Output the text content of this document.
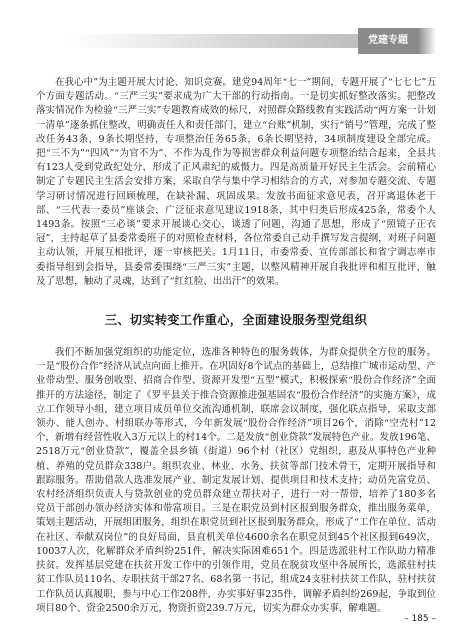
党建专题

在我心中”为主题开展大讨论、知识竞赛。建党94周年“七一”期间，专题开展了“七七七”五个方面专题活动。“三严三实”要求成为广大干部的行动指南。一是切实抓好整改落实。把整改落实情况作为检验“三严三实”专题教育成效的标尺，对照群众路线教育实践活动“两方案一计划一清单”逐条抓住整改，明确责任人和责任部门，建立“台账”机制，实行“销号”管理，完成了整改任务43条，9条长期坚持，专项整治任务65条，6条长期坚持，34项制度建设全部完成。把“三不为”“四风”“为官不为”、不作为乱作为等损害群众利益问题专项整治结合起来，全县共有123人受到党政纪处分，形成了正风肃纪的威慑力。四是高质量开好民主生活会。会前精心制定了专题民主生活会安排方案，采取自学与集中学习相结合的方式，对参加专题交流、专题学习研讨情况进行回顾梳理，在缺补漏、巩固成果。发放书面征求意见表，召开离退休老干部、“三代表一委员”座谈会，广泛征求意见建议1918条，其中归类后形成425条，常委个人1493条。按照“三必谈”要求开展谈心交心，谈透了问题，沟通了思想，形成了“照镜子正衣冠”，主持起草了县委常委班子的对照检查材料，各位常委自己动手撰写发言提纲，对班子问题主动认领，开展互相批评，逐一审核把关。1月11日，市委常委、宣传部部长和省宁调志率市委指导组到会指导，县委常委围绕“三严三实”主题，以整风精神开展自我批评和相互批评，触及了思想，触动了灵魂，达到了“红红脸、出出汗”的效果。

三、切实转变工作重心，全面建设服务型党组织

我们不断加强党组织的功能定位，选准各种特色的服务载体，为群众提供全方位的服务。一是“股份合作”经济从试点向面上推开。在巩固好8个试点的基础上，总结推广城市运动型、产业带动型、服务创收型、招商合作型、资源开发型“五型”模式，积极探索“股份合作经济”全面推开的方法途径，制定了《罗平县关于推合资源推进强基固农“股份合作经济”的实施方案》，成立工作领导小组，建立项目成员单位交流沟通机制，联席会议制度，强化联点指导，采取支部领办、能人创办、村组联办等形式，今年新发展“股份合作经济”项目26个，消除“空壳村”12个，新增有经营性收入3万元以上的村14个。二是发放“创业贷款”发展特色产业。发放196笔、2518万元“创业贷款”，覆盖全县乡镇（街道）96个村（社区）党组织，惠及从事特色产业种植、养殖的党员群众338户。组织农业、林业、水务、扶贫等部门技术骨干，定期开展指导和跟踪服务。帮助借款人选准发展产业、制定发展计划、提供项目和技术支持；动员先富党员、农村经济组织负责人与贷款创业的党员群众建立帮扶对子，进行一对一帮带，培养了180多名党员干部创办领办经济实体和带富项目。三是在职党员到村区报到服务群众，推出服务菜单，策划主题活动，开展组团服务，组织在职党员到社区报到服务群众，形成了“工作在单位、活动在社区、奉献双岗位”的良好局面，县直机关单位4600余名在职党员到45个社区报到649次，10037人次，化解群众矛盾纠纷251件，解决实际困难651个。四是选派驻村工作队助力精准扶贫。发挥基层党建在扶贫开发工作中的引领作用，党员在脱贫攻坚中各展所长，选派驻村扶贫工作队员110名、专职扶贫干部27名、68名第一书记，组成24支驻村扶贫工作队，驻村扶贫工作队员认真履职，参与中心工作208件，办实事好事235件，调解矛盾纠纷269起，争取到位项目80个、资金2500余万元，物资折资239.7万元，切实为群众办实事，解难题。

– 185 –
